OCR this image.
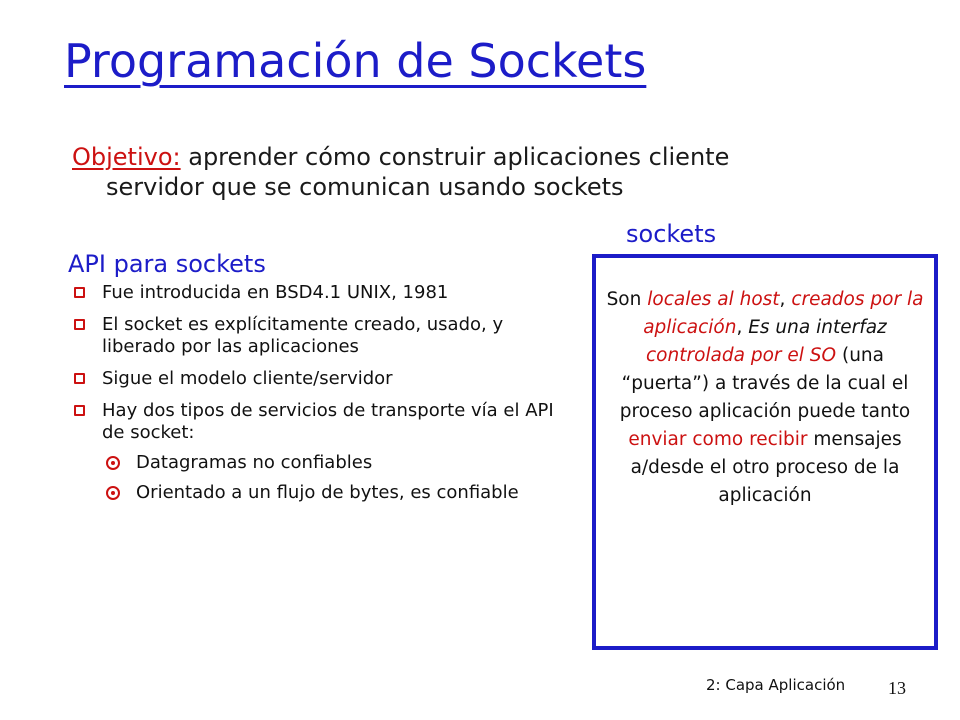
Programación de Sockets
Objetivo: aprender cómo construir aplicaciones cliente
servidor que se comunican usando sockets
API para sockets
Fue introducida en BSD4.1 UNIX, 1981
El socket es explícitamente creado, usado, y liberado por las aplicaciones
Sigue el modelo cliente/servidor
Hay dos tipos de servicios de transporte vía el API de socket:
Datagramas no confiables
Orientado a un flujo de bytes, es confiable
sockets
Son locales al host, creados por la aplicación, Es una interfaz controlada por el SO (una “puerta”) a través de la cual el proceso aplicación puede tanto enviar como recibir mensajes a/desde el otro proceso de la aplicación
2: Capa Aplicación 13
